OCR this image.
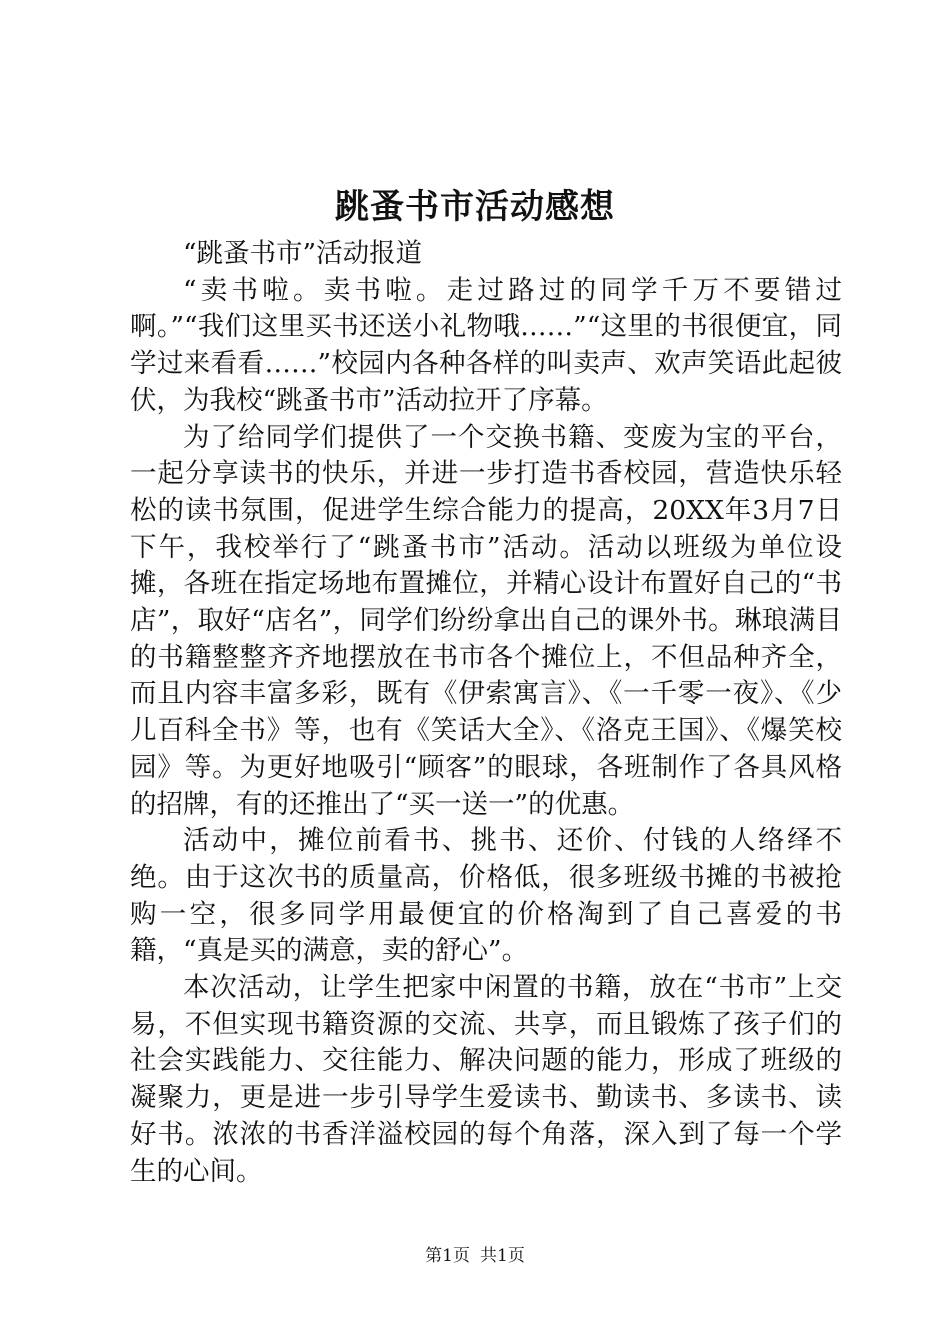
跳蚤书市活动感想

“跳蚤书市”活动报道

“卖书啦。卖书啦。走过路过的同学千万不要错过啊。”“我们这里买书还送小礼物哦……”“这里的书很便宜，同学过来看看……”校园内各种各样的叫卖声、欢声笑语此起彼伏，为我校“跳蚤书市”活动拉开了序幕。

为了给同学们提供了一个交换书籍、变废为宝的平台，一起分享读书的快乐，并进一步打造书香校园，营造快乐轻松的读书氛围，促进学生综合能力的提高，20XX年3月7日下午，我校举行了“跳蚤书市”活动。活动以班级为单位设摊，各班在指定场地布置摊位，并精心设计布置好自己的“书店”，取好“店名”，同学们纷纷拿出自己的课外书。琳琅满目的书籍整整齐齐地摆放在书市各个摊位上，不但品种齐全，而且内容丰富多彩，既有《伊索寓言》、《一千零一夜》、《少儿百科全书》等，也有《笑话大全》、《洛克王国》、《爆笑校园》等。为更好地吸引“顾客”的眼球，各班制作了各具风格的招牌，有的还推出了“买一送一”的优惠。

活动中，摊位前看书、挑书、还价、付钱的人络绎不绝。由于这次书的质量高，价格低，很多班级书摊的书被抢购一空，很多同学用最便宜的价格淘到了自己喜爱的书籍，“真是买的满意，卖的舒心”。

本次活动，让学生把家中闲置的书籍，放在“书市”上交易，不但实现书籍资源的交流、共享，而且锻炼了孩子们的社会实践能力、交往能力、解决问题的能力，形成了班级的凝聚力，更是进一步引导学生爱读书、勤读书、多读书、读好书。浓浓的书香洋溢校园的每个角落，深入到了每一个学生的心间。

第1页 共1页
